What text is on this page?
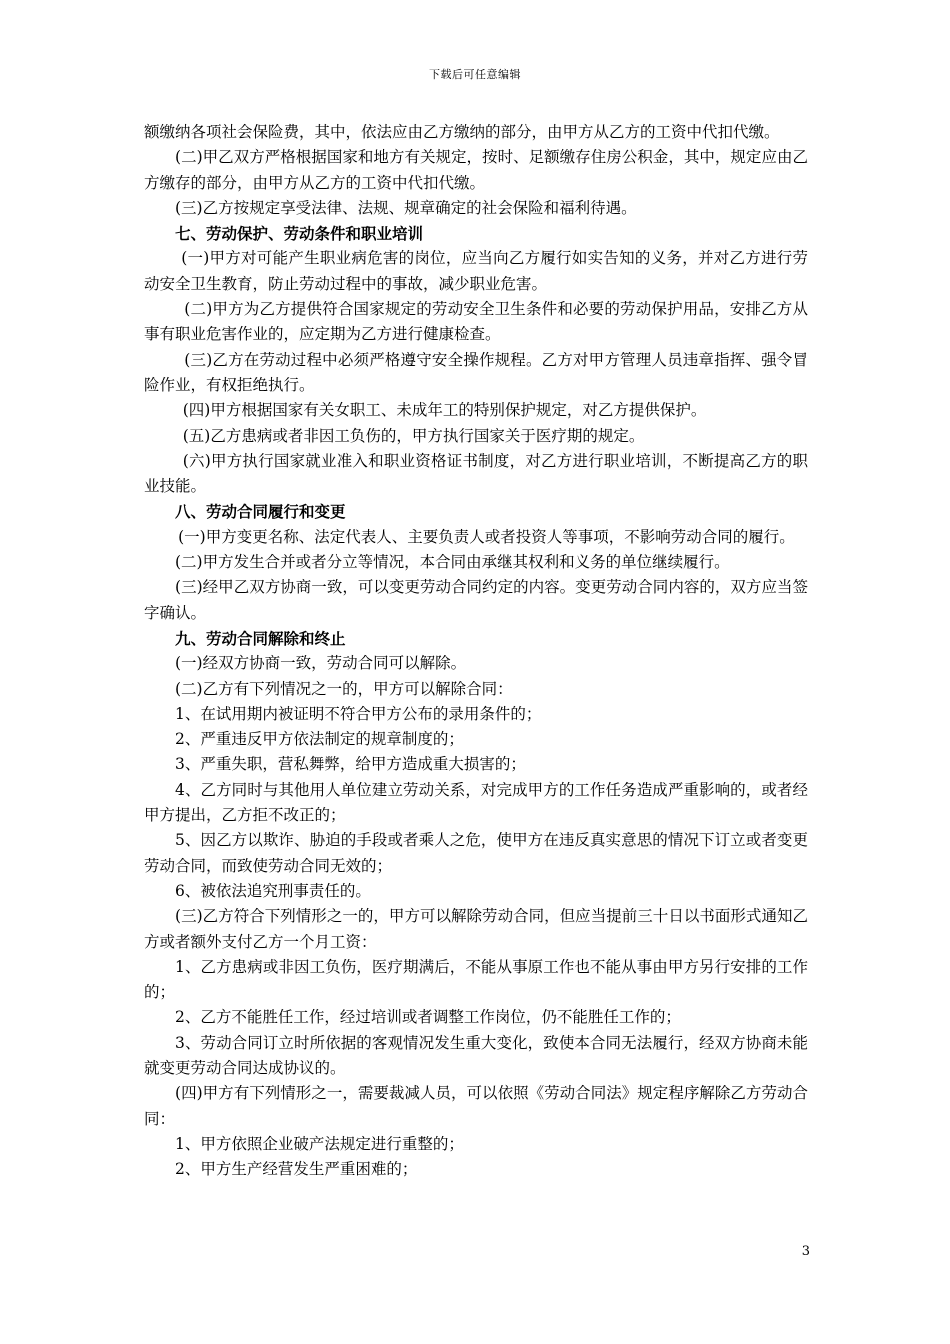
下载后可任意编辑

额缴纳各项社会保险费，其中，依法应由乙方缴纳的部分，由甲方从乙方的工资中代扣代缴。

(二)甲乙双方严格根据国家和地方有关规定，按时、足额缴存住房公积金，其中，规定应由乙方缴存的部分，由甲方从乙方的工资中代扣代缴。

(三)乙方按规定享受法律、法规、规章确定的社会保险和福利待遇。

七、劳动保护、劳动条件和职业培训

(一)甲方对可能产生职业病危害的岗位，应当向乙方履行如实告知的义务，并对乙方进行劳动安全卫生教育，防止劳动过程中的事故，减少职业危害。

(二)甲方为乙方提供符合国家规定的劳动安全卫生条件和必要的劳动保护用品，安排乙方从事有职业危害作业的，应定期为乙方进行健康检查。

(三)乙方在劳动过程中必须严格遵守安全操作规程。乙方对甲方管理人员违章指挥、强令冒险作业，有权拒绝执行。

(四)甲方根据国家有关女职工、未成年工的特别保护规定，对乙方提供保护。

(五)乙方患病或者非因工负伤的，甲方执行国家关于医疗期的规定。

(六)甲方执行国家就业准入和职业资格证书制度，对乙方进行职业培训，不断提高乙方的职业技能。

八、劳动合同履行和变更

(一)甲方变更名称、法定代表人、主要负责人或者投资人等事项，不影响劳动合同的履行。

(二)甲方发生合并或者分立等情况，本合同由承继其权利和义务的单位继续履行。

(三)经甲乙双方协商一致，可以变更劳动合同约定的内容。变更劳动合同内容的，双方应当签字确认。

九、劳动合同解除和终止

(一)经双方协商一致，劳动合同可以解除。

(二)乙方有下列情况之一的，甲方可以解除合同：

1、在试用期内被证明不符合甲方公布的录用条件的；

2、严重违反甲方依法制定的规章制度的；

3、严重失职，营私舞弊，给甲方造成重大损害的；

4、乙方同时与其他用人单位建立劳动关系，对完成甲方的工作任务造成严重影响的，或者经甲方提出，乙方拒不改正的；

5、因乙方以欺诈、胁迫的手段或者乘人之危，使甲方在违反真实意思的情况下订立或者变更劳动合同，而致使劳动合同无效的；

6、被依法追究刑事责任的。

(三)乙方符合下列情形之一的，甲方可以解除劳动合同，但应当提前三十日以书面形式通知乙方或者额外支付乙方一个月工资：

1、乙方患病或非因工负伤，医疗期满后，不能从事原工作也不能从事由甲方另行安排的工作的；

2、乙方不能胜任工作，经过培训或者调整工作岗位，仍不能胜任工作的；

3、劳动合同订立时所依据的客观情况发生重大变化，致使本合同无法履行，经双方协商未能就变更劳动合同达成协议的。

(四)甲方有下列情形之一，需要裁减人员，可以依照《劳动合同法》规定程序解除乙方劳动合同：

1、甲方依照企业破产法规定进行重整的；

2、甲方生产经营发生严重困难的；

3
